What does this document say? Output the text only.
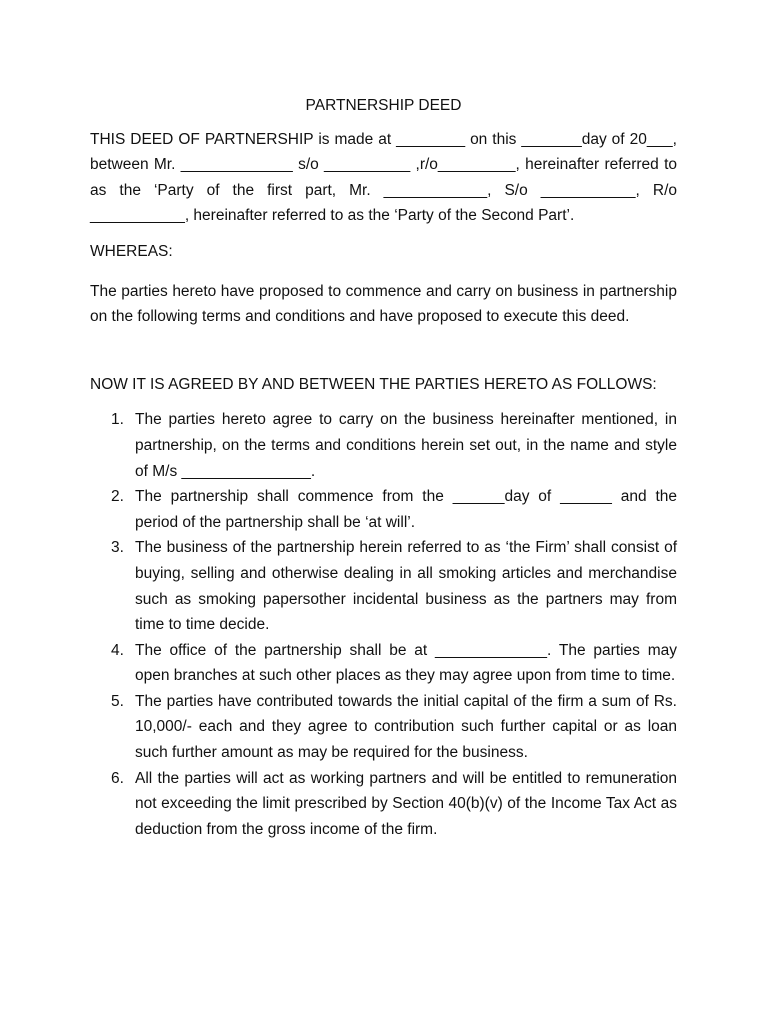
PARTNERSHIP DEED

THIS DEED OF PARTNERSHIP is made at ________ on this _______day of 20___, between Mr. _____________ s/o __________ ,r/o_________, hereinafter referred to as the ‘Party of the first part, Mr. ____________, S/o ___________, R/o ___________, hereinafter referred to as the ‘Party of the Second Part’.

WHEREAS:

The parties hereto have proposed to commence and carry on business in partnership on the following terms and conditions and have proposed to execute this deed.

NOW IT IS AGREED BY AND BETWEEN THE PARTIES HERETO AS FOLLOWS:

1. The parties hereto agree to carry on the business hereinafter mentioned, in partnership, on the terms and conditions herein set out, in the name and style of M/s _______________.
2. The partnership shall commence from the ______day of ______ and the period of the partnership shall be ‘at will’.
3. The business of the partnership herein referred to as ‘the Firm’ shall consist of buying, selling and otherwise dealing in all smoking articles and merchandise such as smoking papersother incidental business as the partners may from time to time decide.
4. The office of the partnership shall be at _____________. The parties may open branches at such other places as they may agree upon from time to time.
5. The parties have contributed towards the initial capital of the firm a sum of Rs. 10,000/- each and they agree to contribution such further capital or as loan such further amount as may be required for the business.
6. All the parties will act as working partners and will be entitled to remuneration not exceeding the limit prescribed by Section 40(b)(v) of the Income Tax Act as deduction from the gross income of the firm.
